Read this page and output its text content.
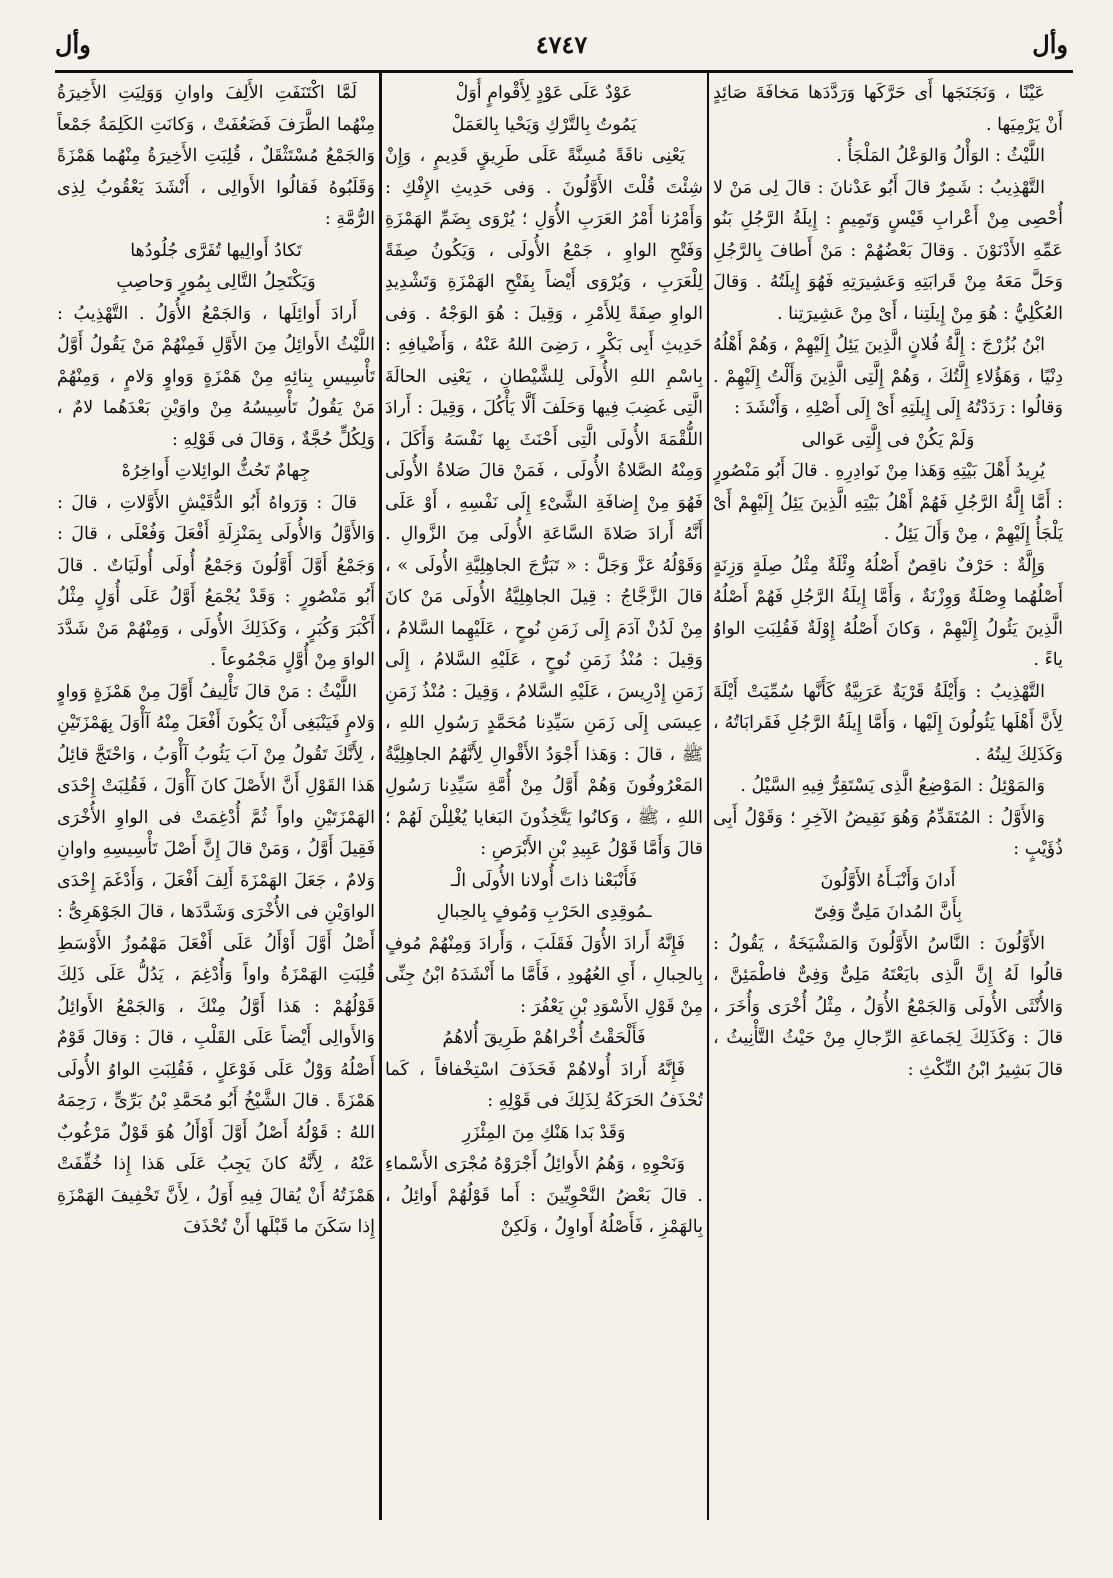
وأل
٤٧٤٧
وأل

عَيْنًا ، وَنَجَنَجَها أَى حَرَّكَها وَرَدَّدَها مَخافَةَ صَائِدٍ أَنْ يَرْمِيَها .

اللَّيْثُ : الوَأْلُ وَالوَعْلُ المَلْجَأُ .

التَّهْذِيبُ : شَمِرٌ قالَ أَبُو عَدْنانَ : قالَ لِى مَنْ لا أُحْصِى مِنْ أَعْرابِ قَيْسٍ وَتَمِيمٍ : إِيلَةُ الرَّجُلِ بَنُو عَمِّهِ الأَدْنَوْنَ . وَقالَ بَعْضُهُمْ : مَنْ أَطافَ بِالرَّجُلِ وَحَلَّ مَعَهُ مِنْ قَرابَتِهِ وَعَشِيرَتِهِ فَهُوَ إِيلَتُهُ . وَقالَ العُكْلِيُّ : هُوَ مِنْ إِيلَتِنا ، أَىْ مِنْ عَشِيرَتِنا .

ابْنُ بُزُرْجَ : إِلَّةُ فُلانٍ الَّذِينَ يَئِلُ إِلَيْهِمْ ، وَهُمْ أَهْلُهُ دِنْيًا ، وَهَؤُلاءِ إِلَّتُكَ ، وَهُمْ إِلَّتِى الَّذِينَ وَأَلْتُ إِلَيْهِمْ . وَقالُوا : رَدَدْتُهُ إِلَى إِيلَتِهِ أَىْ إِلَى أَصْلِهِ ، وَأَنْشَدَ :

وَلَمْ يَكُنْ فى إِلَّتِى عَوالى

يُرِيدُ أَهْلَ بَيْتِهِ وَهَذا مِنْ نَوادِرِهِ . قالَ أَبُو مَنْصُورٍ : أَمَّا إِلَّةُ الرَّجُلِ فَهُمْ أَهْلُ بَيْتِهِ الَّذِينَ يَئِلُ إِلَيْهِمْ أَىْ يَلْجَأُ إِلَيْهِمْ ، مِنْ وَأَلَ يَئِلُ .

وَإِلَّةٌ : حَرْفٌ ناقِصٌ أَصْلُهُ وِئْلَةٌ مِثْلُ صِلَةٍ وَزِنَةٍ أَصْلُهُما وِصْلَةٌ وَوِزْنَةٌ ، وَأَمَّا إِيلَةُ الرَّجُلِ فَهُمْ أَصْلُهُ الَّذِينَ يَئُولُ إِلَيْهِمْ ، وَكانَ أَصْلُهُ إِوْلَةٌ فَقُلِبَتِ الواوُ ياءً .

التَّهْذِيبُ : وَأَيْلَةُ قَرْيَةٌ عَرَبِيَّةٌ كَأَنَّها سُمِّيَتْ أَيْلَةَ لِأَنَّ أَهْلَها يَئُولُونَ إِلَيْها ، وَأَمَّا إِيلَةُ الرَّجُلِ فَقَرابَاتُهُ ، وَكَذَلِكَ لِيتُهُ .

وَالمَوْئِلُ : المَوْضِعُ الَّذِى يَسْتَقِرُّ فِيهِ السَّيْلُ .

وَالأَوَّلُ : المُتَقَدِّمُ وَهُوَ نَقِيضُ الآخِرِ ؛ وَقَوْلُ أَبِى ذُؤَيْبٍ :

أَدانَ وَأَنْبَـأَهُ الأَوَّلُونَ

بِأَنَّ المُدانَ مَلِىٌّ وَفِىّ

الأَوَّلُونَ : النَّاسُ الأَوَّلُونَ وَالمَشْيَخَةُ ، يَقُولُ : قالُوا لَهُ إِنَّ الَّذِى بايَعْتَهُ مَلِىٌّ وَفِىٌّ فاطْمَئِنَّ ، وَالأُنْثَى الأُولَى وَالجَمْعُ الأُوَلُ ، مِثْلُ أُخْرَى وَأُخَرَ ، قالَ : وَكَذَلِكَ لِجَماعَةِ الرِّجالِ مِنْ حَيْثُ التَّأْنِيثُ ، قالَ بَشِيرُ ابْنُ النِّكْثِ :

عَوْدٌ عَلَى عَوْدٍ لِأَقْوامٍ أُوَلْ

يَمُوتُ بِالتَّرْكِ وَيَحْيا بِالعَمَلْ

يَعْنِى ناقَةً مُسِنَّةً عَلَى طَرِيقٍ قَدِيمٍ ، وَإِنْ شِئْتَ قُلْتَ الأَوَّلُونَ . وَفى حَدِيثِ الإِفْكِ : وَأَمْرُنا أَمْرُ العَرَبِ الأُوَلِ ؛ يُرْوَى بِضَمِّ الهَمْزَةِ وَفَتْحِ الواوِ ، جَمْعُ الأُولَى ، وَيَكُونُ صِفَةً لِلْعَرَبِ ، وَيُرْوَى أَيْضاً بِفَتْحِ الهَمْزَةِ وَتَشْدِيدِ الواوِ صِفَةً لِلأَمْرِ ، وَقِيلَ : هُوَ الوَجْهُ . وَفى حَدِيثِ أَبِى بَكْرٍ ، رَضِىَ اللهُ عَنْهُ ، وَأَضْيافِهِ : بِاسْمِ اللهِ الأُولَى لِلشَّيْطانِ ، يَعْنِى الحالَةَ الَّتِى غَضِبَ فِيها وَحَلَفَ أَلَّا يَأْكُلَ ، وَقِيلَ : أَرادَ اللُّقْمَةَ الأُولَى الَّتِى أَحْنَثَ بِها نَفْسَهُ وَأَكَلَ ، وَمِنْهُ الصَّلاةُ الأُولَى ، فَمَنْ قالَ صَلاةُ الأُولَى فَهُوَ مِنْ إِضافَةِ الشَّىْءِ إِلَى نَفْسِهِ ، أَوْ عَلَى أَنَّهُ أَرادَ صَلاةَ السَّاعَةِ الأُولَى مِنَ الزَّوالِ . وَقَوْلُهُ عَزَّ وَجَلَّ : « تَبَرُّجَ الجاهِلِيَّةِ الأُولَى » ، قالَ الزَّجَّاجُ : قِيلَ الجاهِلِيَّةُ الأُولَى مَنْ كانَ مِنْ لَدُنْ آدَمَ إِلَى زَمَنِ نُوحٍ ، عَلَيْهِما السَّلامُ ، وَقِيلَ : مُنْذُ زَمَنِ نُوحٍ ، عَلَيْهِ السَّلامُ ، إِلَى زَمَنِ إِدْرِيسَ ، عَلَيْهِ السَّلامُ ، وَقِيلَ : مُنْذُ زَمَنِ عِيسَى إِلَى زَمَنِ سَيِّدِنا مُحَمَّدٍ رَسُولِ اللهِ ، ﷺ ، قالَ : وَهَذا أَجْوَدُ الأَقْوالِ لِأَنَّهُمُ الجاهِلِيَّةُ المَعْرُوفُونَ وَهُمْ أَوَّلُ مِنْ أُمَّةِ سَيِّدِنا رَسُولِ اللهِ ، ﷺ ، وَكانُوا يَتَّخِذُونَ البَغايا يُغْلِلْنَ لَهُمْ ؛ قالَ وَأَمَّا قَوْلُ عَبِيدِ بْنِ الأَبْرَصِ :

فَأَنْبَعْنا ذاتَ أُولانا الأُولَى الْـ

ـمُوقِدِى الحَرْبِ وَمُوفٍ بِالحِبالِ

فَإِنَّهُ أَرادَ الأُوَلَ فَقَلَبَ ، وَأَرادَ وَمِنْهُمْ مُوفٍ بِالحِبالِ ، أَىِ العُهُودِ ، فَأَمَّا ما أَنْشَدَهُ ابْنُ جِنِّى مِنْ قَوْلِ الأَسْوَدِ بْنِ يَعْفُرَ :

فَأَلْحَقْتُ أُخْراهُمْ طَرِيقَ أُلاهُمُ

فَإِنَّهُ أَرادَ أُولاهُمْ فَحَذَفَ اسْتِخْفافاً ، كَما تُحْذَفُ الحَرَكَةُ لِذَلِكَ فى قَوْلِهِ :

وَقَدْ بَدا هَنْكِ مِنَ المِئْزَرِ

وَنَحْوِهِ ، وَهُمُ الأَوائِلُ أَجْرَوْهُ مُجْرَى الأَسْماءِ . قالَ بَعْضُ النَّحْوِيِّينَ : أَما قَوْلُهُمْ أَوائِلُ ، بِالهَمْزِ ، فَأَصْلُهُ أَواوِلُ ، وَلَكِنْ

لَمَّا اكْتَنَفَتِ الأَلِفَ واوانِ وَوَلِيَتِ الأَخِيرَةُ مِنْهُما الطَّرَفَ فَضَعُفَتْ ، وَكانَتِ الكَلِمَةُ جَمْعاً وَالجَمْعُ مُسْتَثْقَلٌ ، قُلِبَتِ الأَخِيرَةُ مِنْهُما هَمْزَةً وَقَلَبُوهُ فَقالُوا الأَوالِى ، أَنْشَدَ يَعْقُوبُ لِذِى الرُّمَّةِ :

تَكادُ أَوالِيها تُفَرَّى جُلُودُها

وَيَكْتَحِلُ التَّالِى بِمُورٍ وَحاصِبِ

أَرادَ أَوائِلَها ، وَالجَمْعُ الأُوَلُ . التَّهْذِيبُ : اللَّيْثُ الأَوائِلُ مِنَ الأَوَّلِ فَمِنْهُمْ مَنْ يَقُولُ أَوَّلُ تَأْسِيسِ بِنائِهِ مِنْ هَمْزَةٍ وَواوٍ وَلامٍ ، وَمِنْهُمْ مَنْ يَقُولُ تَأْسِيسُهُ مِنْ واوَيْنِ بَعْدَهُما لامٌ ، وَلِكُلٍّ حُجَّةٌ ، وَقالَ فى قَوْلِهِ :

جِهامٌ تَحُثُّ الوائِلاتِ أَواخِرُهْ

قالَ : وَرَواهُ أَبُو الدُّقَيْشِ الأَوَّلاتِ ، قالَ : وَالأَوَّلُ وَالأُولَى بِمَنْزِلَةِ أَفْعَلَ وَفُعْلَى ، قالَ : وَجَمْعُ أَوَّلَ أَوَّلُونَ وَجَمْعُ أُولَى أُولَيَاتٌ . قالَ أَبُو مَنْصُورٍ : وَقَدْ يُجْمَعُ أَوَّلُ عَلَى أُوَلٍ مِثْلُ أَكْبَرَ وَكُبَرٍ ، وَكَذَلِكَ الأُولَى ، وَمِنْهُمْ مَنْ شَدَّدَ الواوَ مِنْ أُوَّلٍ مَجْمُوعاً .

اللَّيْثُ : مَنْ قالَ تَأْلِيفُ أَوَّلَ مِنْ هَمْزَةٍ وَواوٍ وَلامٍ فَيَنْبَغِى أَنْ يَكُونَ أَفْعَلَ مِنْهُ آأْوَلَ بِهَمْزَتَيْنِ ، لِأَنَّكَ تَقُولُ مِنْ آبَ يَئُوبُ آأْوَبُ ، وَاحْتَجَّ قائِلُ هَذا القَوْلِ أَنَّ الأَصْلَ كانَ آأْوَلَ ، فَقُلِبَتْ إِحْدَى الهَمْزَتَيْنِ واواً ثُمَّ أُدْغِمَتْ فى الواوِ الأُخْرَى فَقِيلَ أَوَّلُ ، وَمَنْ قالَ إِنَّ أَصْلَ تَأْسِيسِهِ واوانِ وَلامٌ ، جَعَلَ الهَمْزَةَ أَلِفَ أَفْعَلَ ، وَأَدْغَمَ إِحْدَى الواوَيْنِ فى الأُخْرَى وَشَدَّدَها ، قالَ الجَوْهَرِىُّ : أَصْلُ أَوَّلَ أَوْأَلُ عَلَى أَفْعَلَ مَهْمُوزُ الأَوْسَطِ قُلِبَتِ الهَمْزَةُ واواً وَأُدْغِمَ ، يَدُلُّ عَلَى ذَلِكَ قَوْلُهُمْ : هَذا أَوَّلُ مِنْكَ ، وَالجَمْعُ الأَوائِلُ وَالأَوالِى أَيْضاً عَلَى القَلْبِ ، قالَ : وَقالَ قَوْمٌ أَصْلُهُ وَوْلٌ عَلَى فَوْعَلٍ ، فَقُلِبَتِ الواوُ الأُولَى هَمْزَةً . قالَ الشَّيْخُ أَبُو مُحَمَّدِ بْنُ بَرِّىٍّ ، رَحِمَهُ اللهُ : قَوْلُهُ أَصْلُ أَوَّلَ أَوْأَلُ هُوَ قَوْلٌ مَرْغُوبٌ عَنْهُ ، لِأَنَّهُ كانَ يَجِبُ عَلَى هَذا إِذا خُفِّفَتْ هَمْزَتُهُ أَنْ يُقالَ فِيهِ أَوَلُ ، لِأَنَّ تَخْفِيفَ الهَمْزَةِ إِذا سَكَنَ ما قَبْلَها أَنْ تُحْذَفَ
